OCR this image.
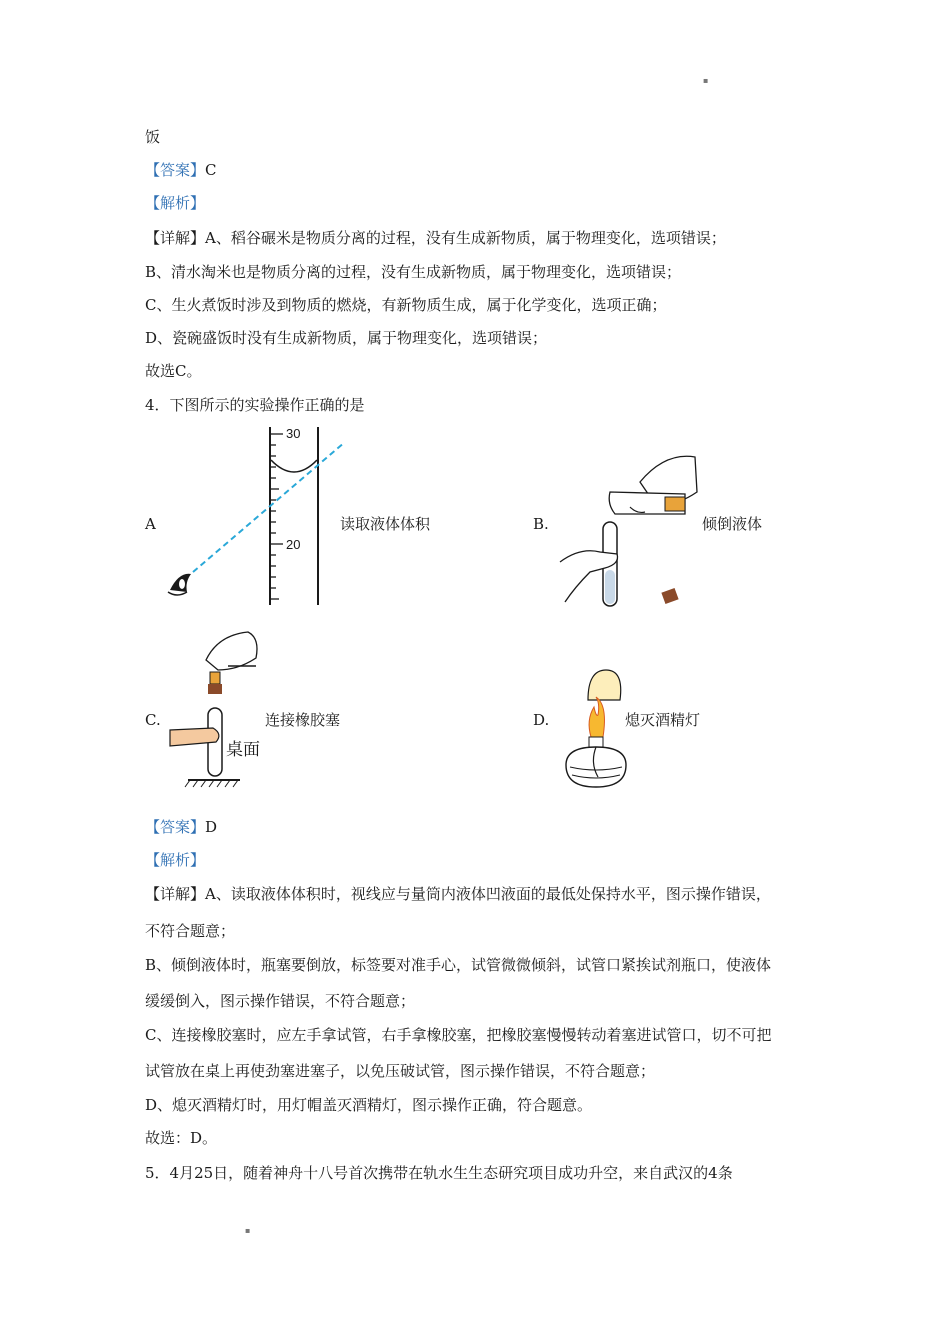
▪
饭
【答案】C
【解析】
【详解】A、稻谷碾米是物质分离的过程，没有生成新物质，属于物理变化，选项错误；
B、清水淘米也是物质分离的过程，没有生成新物质，属于物理变化，选项错误；
C、生火煮饭时涉及到物质的燃烧，有新物质生成，属于化学变化，选项正确；
D、瓷碗盛饭时没有生成新物质，属于物理变化，选项错误；
故选C。
4．下图所示的实验操作正确的是
A
30
20
读取液体体积	B.	倾倒液体
C.
桌面
连接橡胶塞	D.	熄灭酒精灯
【答案】D
【解析】
【详解】A、读取液体体积时，视线应与量筒内液体凹液面的最低处保持水平，图示操作错误，
不符合题意；
B、倾倒液体时，瓶塞要倒放，标签要对准手心，试管微微倾斜，试管口紧挨试剂瓶口，使液体
缓缓倒入，图示操作错误，不符合题意；
C、连接橡胶塞时，应左手拿试管，右手拿橡胶塞，把橡胶塞慢慢转动着塞进试管口，切不可把
试管放在桌上再使劲塞进塞子，以免压破试管，图示操作错误，不符合题意；
D、熄灭酒精灯时，用灯帽盖灭酒精灯，图示操作正确，符合题意。
故选：D。
5．4月25日，随着神舟十八号首次携带在轨水生生态研究项目成功升空，来自武汉的4条
▪
